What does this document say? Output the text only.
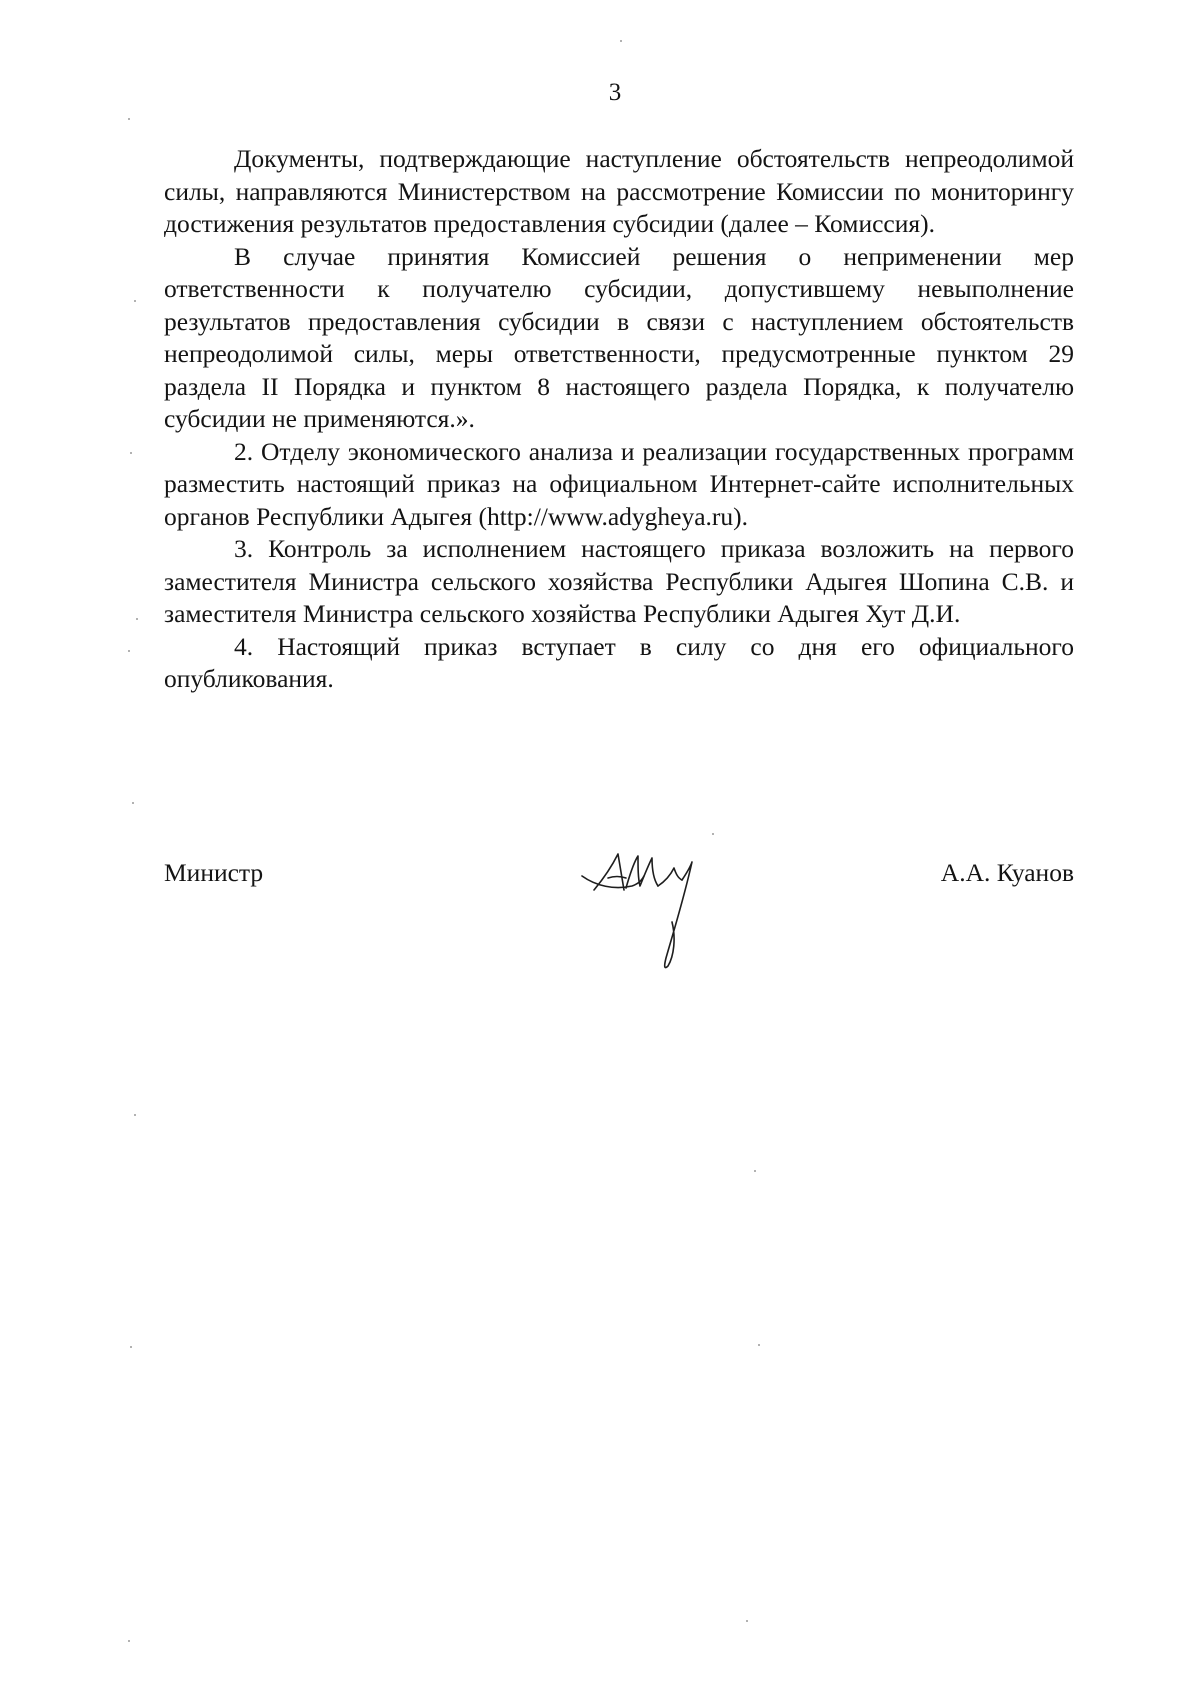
3

Документы, подтверждающие наступление обстоятельств непреодолимой силы, направляются Министерством на рассмотрение Комиссии по мониторингу достижения результатов предоставления субсидии (далее – Комиссия).

В случае принятия Комиссией решения о неприменении мер ответственности к получателю субсидии, допустившему невыполнение результатов предоставления субсидии в связи с наступлением обстоятельств непреодолимой силы, меры ответственности, предусмотренные пунктом 29 раздела II Порядка и пунктом 8 настоящего раздела Порядка, к получателю субсидии не применяются.».

2. Отделу экономического анализа и реализации государственных программ разместить настоящий приказ на официальном Интернет-сайте исполнительных органов Республики Адыгея (http://www.adygheya.ru).

3. Контроль за исполнением настоящего приказа возложить на первого заместителя Министра сельского хозяйства Республики Адыгея Шопина С.В. и заместителя Министра сельского хозяйства Республики Адыгея Хут Д.И.

4. Настоящий приказ вступает в силу со дня его официального опубликования.

Министр	А.А. Куанов
